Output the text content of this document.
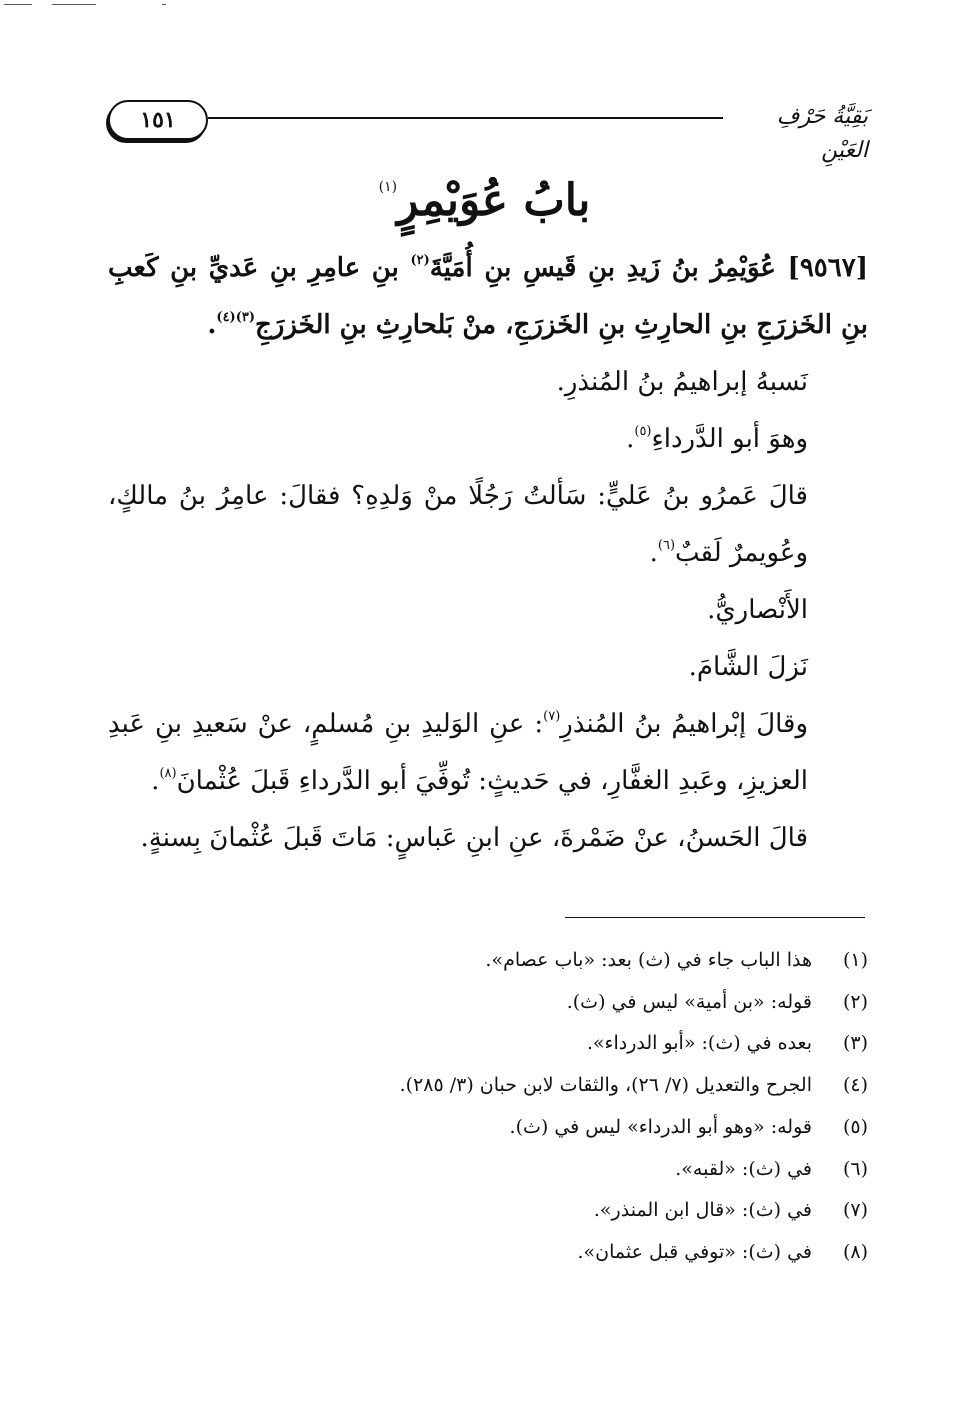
١٥١	بَقِيَّةُ حَرْفِ العَيْنِ
بابُ عُوَيْمِرٍ$^{(١)}$

[٩٥٦٧] عُوَيْمِرُ بنُ زَيدِ بنِ قَيسِ بنِ أُمَيَّةَ$^{(٢)}$ بنِ عامِرِ بنِ عَديِّ بنِ كَعبِ بنِ الخَزرَجِ بنِ الحارِثِ بنِ الخَزرَجِ، منْ بَلحارِثِ بنِ الخَزرَجِ$^{(٣)(٤)}$.

نَسبهُ إبراهيمُ بنُ المُنذرِ.

وهوَ أبو الدَّرداءِ$^{(٥)}$.

قالَ عَمرُو بنُ عَليٍّ: سَألتُ رَجُلًا منْ وَلدِهِ؟ فقالَ: عامِرُ بنُ مالكٍ، وعُويمرٌ لَقبٌ$^{(٦)}$.

الأَنْصاريُّ.

نَزلَ الشَّامَ.

وقالَ إبْراهيمُ بنُ المُنذرِ$^{(٧)}$: عنِ الوَليدِ بنِ مُسلمٍ، عنْ سَعيدِ بنِ عَبدِ العزيزِ، وعَبدِ الغفَّارِ، في حَديثٍ: تُوفِّيَ أبو الدَّرداءِ قَبلَ عُثْمانَ$^{(٨)}$.

قالَ الحَسنُ، عنْ ضَمْرةَ، عنِ ابنِ عَباسٍ: مَاتَ قَبلَ عُثْمانَ بِسنةٍ.

(١)
هذا الباب جاء في (ث) بعد: «باب عصام».
(٢)
قوله: «بن أمية» ليس في (ث).
(٣)
بعده في (ث): «أبو الدرداء».
(٤)
الجرح والتعديل (٧/ ٢٦)، والثقات لابن حبان (٣/ ٢٨٥).
(٥)
قوله: «وهو أبو الدرداء» ليس في (ث).
(٦)
في (ث): «لقبه».
(٧)
في (ث): «قال ابن المنذر».
(٨)
في (ث): «توفي قبل عثمان».
